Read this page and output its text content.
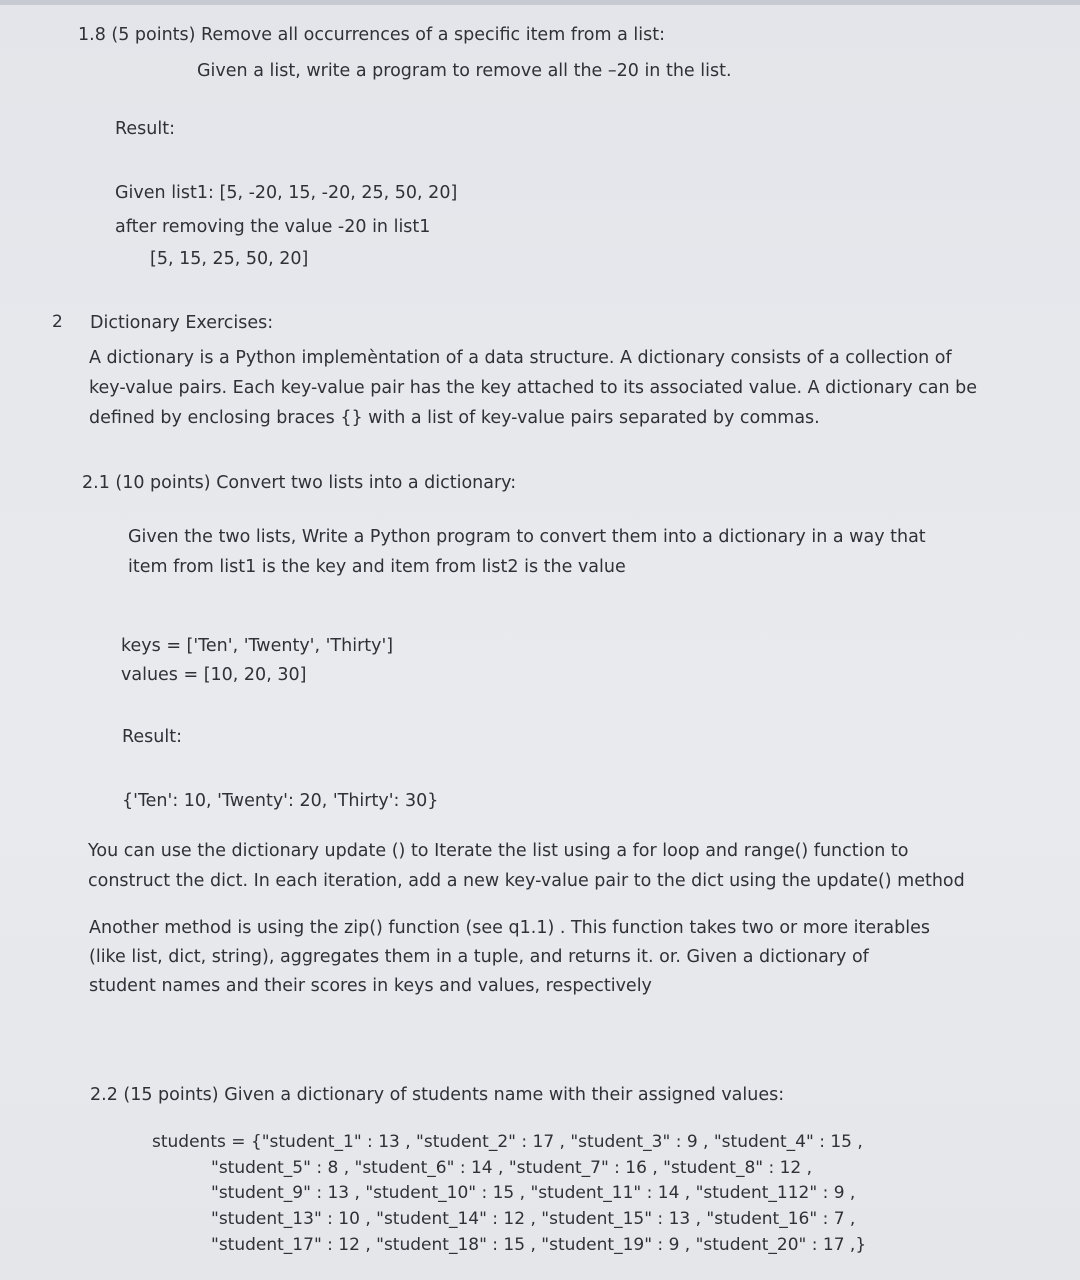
1.8 (5 points) Remove all occurrences of a specific item from a list:
Given a list, write a program to remove all the –20 in the list.
Result:
Given list1: [5, -20, 15, -20, 25, 50, 20]
after removing the value -20 in list1
[5, 15, 25, 50, 20]
2 Dictionary Exercises:
A dictionary is a Python implemèntation of a data structure. A dictionary consists of a collection of key-value pairs. Each key-value pair has the key attached to its associated value. A dictionary can be defined by enclosing braces {} with a list of key-value pairs separated by commas.
2.1 (10 points) Convert two lists into a dictionary:
Given the two lists, Write a Python program to convert them into a dictionary in a way that item from list1 is the key and item from list2 is the value
keys = ['Ten', 'Twenty', 'Thirty']
values = [10, 20, 30]
Result:
{'Ten': 10, 'Twenty': 20, 'Thirty': 30}
You can use the dictionary update () to Iterate the list using a for loop and range() function to construct the dict. In each iteration, add a new key-value pair to the dict using the update() method
Another method is using the zip() function (see q1.1) . This function takes two or more iterables (like list, dict, string), aggregates them in a tuple, and returns it. or. Given a dictionary of student names and their scores in keys and values, respectively
2.2 (15 points) Given a dictionary of students name with their assigned values:
students = {"student_1" : 13 , "student_2" : 17 , "student_3" : 9 , "student_4" : 15 ,
"student_5" : 8 , "student_6" : 14 , "student_7" : 16 , "student_8" : 12 ,
"student_9" : 13 , "student_10" : 15 , "student_11" : 14 , "student_112" : 9 ,
"student_13" : 10 , "student_14" : 12 , "student_15" : 13 , "student_16" : 7 ,
"student_17" : 12 , "student_18" : 15 , "student_19" : 9 , "student_20" : 17 ,}
